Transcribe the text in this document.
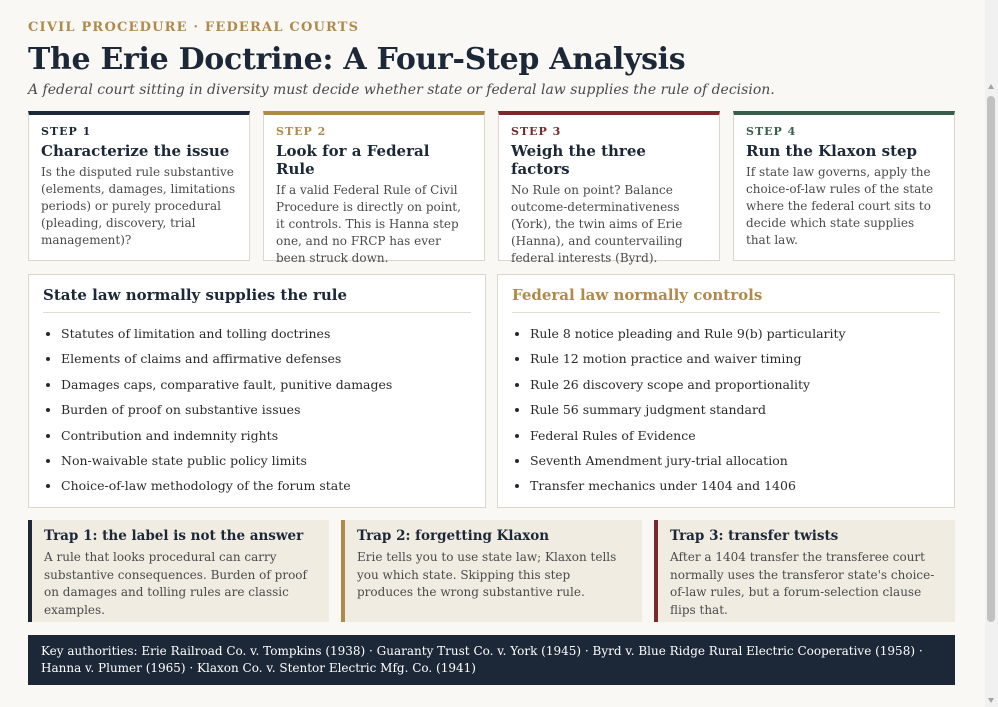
CIVIL PROCEDURE · FEDERAL COURTS
The Erie Doctrine: A Four-Step Analysis
A federal court sitting in diversity must decide whether state or federal law supplies the rule of decision.
STEP 1
Characterize the issue
Is the disputed rule substantive (elements, damages, limitations periods) or purely procedural (pleading, discovery, trial management)?
STEP 2
Look for a Federal Rule
If a valid Federal Rule of Civil Procedure is directly on point, it controls. This is Hanna step one, and no FRCP has ever been struck down.
STEP 3
Weigh the three factors
No Rule on point? Balance outcome-determinativeness (York), the twin aims of Erie (Hanna), and countervailing federal interests (Byrd).
STEP 4
Run the Klaxon step
If state law governs, apply the choice-of-law rules of the state where the federal court sits to decide which state supplies that law.
State law normally supplies the rule
• Statutes of limitation and tolling doctrines
• Elements of claims and affirmative defenses
• Damages caps, comparative fault, punitive damages
• Burden of proof on substantive issues
• Contribution and indemnity rights
• Non-waivable state public policy limits
• Choice-of-law methodology of the forum state
Federal law normally controls
• Rule 8 notice pleading and Rule 9(b) particularity
• Rule 12 motion practice and waiver timing
• Rule 26 discovery scope and proportionality
• Rule 56 summary judgment standard
• Federal Rules of Evidence
• Seventh Amendment jury-trial allocation
• Transfer mechanics under 1404 and 1406
Trap 1: the label is not the answer
A rule that looks procedural can carry substantive consequences. Burden of proof on damages and tolling rules are classic examples.
Trap 2: forgetting Klaxon
Erie tells you to use state law; Klaxon tells you which state. Skipping this step produces the wrong substantive rule.
Trap 3: transfer twists
After a 1404 transfer the transferee court normally uses the transferor state's choice-of-law rules, but a forum-selection clause flips that.
Key authorities: Erie Railroad Co. v. Tompkins (1938) · Guaranty Trust Co. v. York (1945) · Byrd v. Blue Ridge Rural Electric Cooperative (1958) · Hanna v. Plumer (1965) · Klaxon Co. v. Stentor Electric Mfg. Co. (1941)
